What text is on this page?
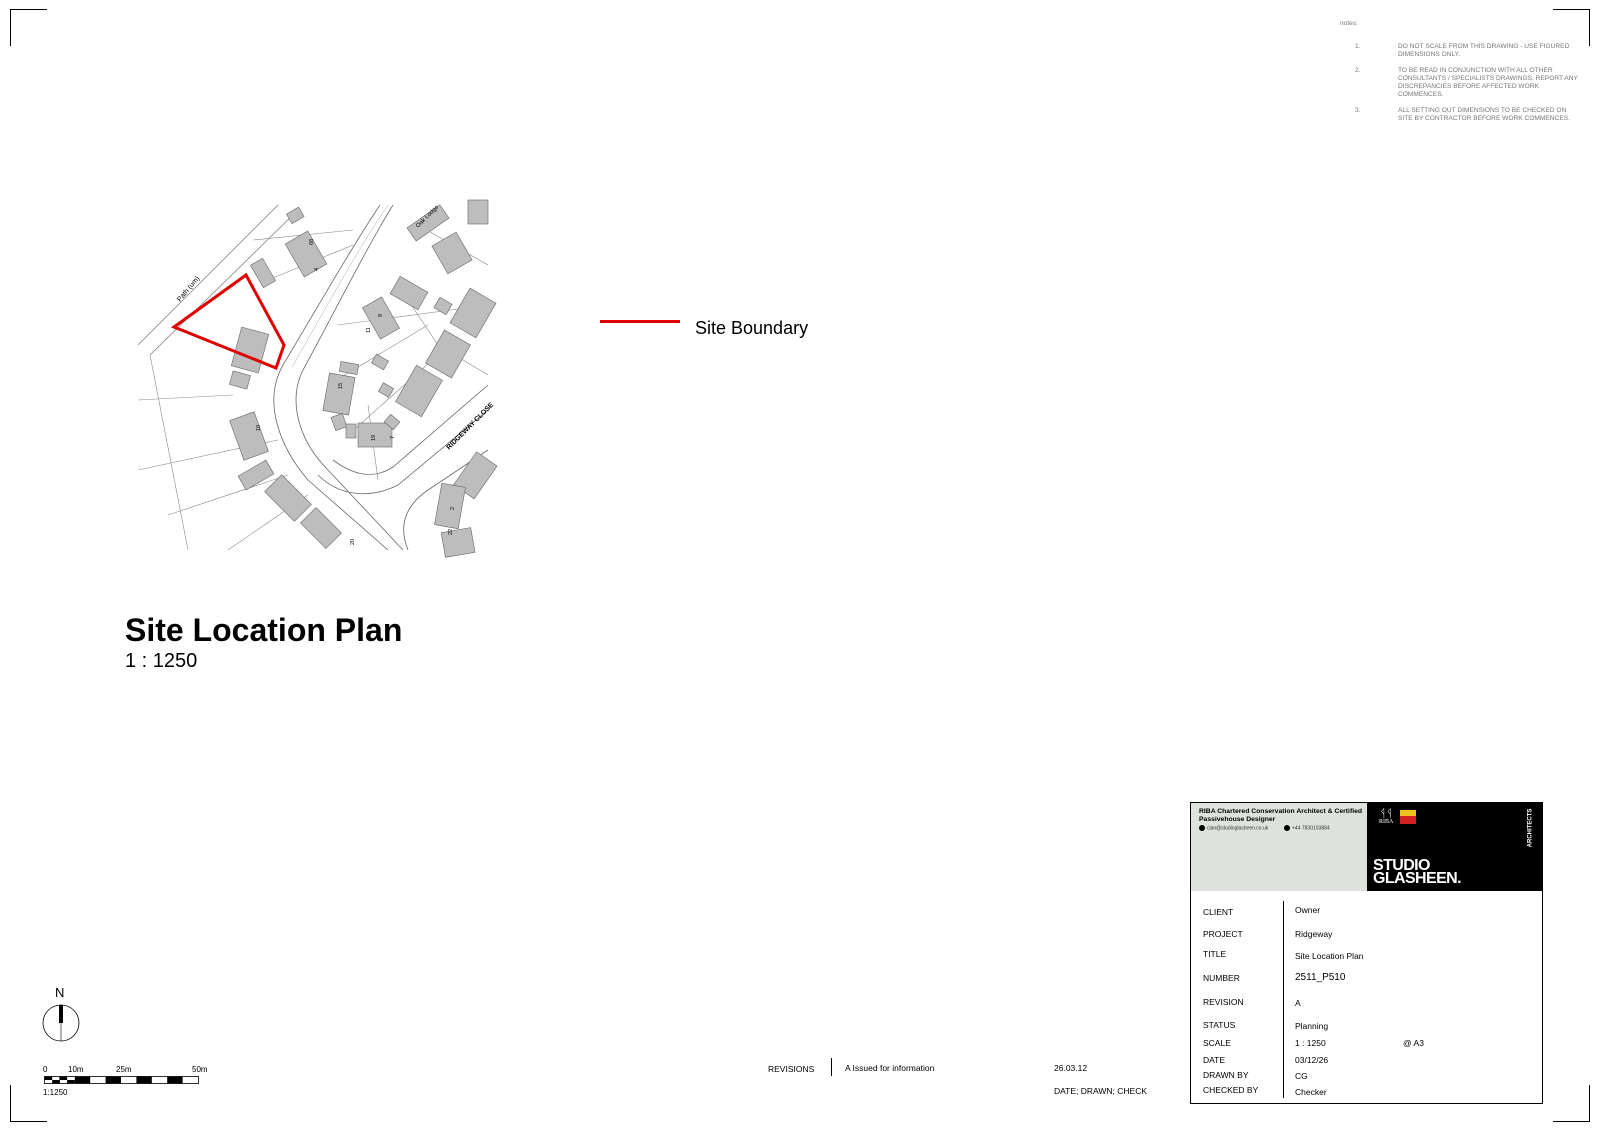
notes:
1.	DO NOT SCALE FROM THIS DRAWING - USE FIGURED DIMENSIONS ONLY.
2.	TO BE READ IN CONJUNCTION WITH ALL OTHER CONSULTANTS / SPECIALISTS DRAWINGS. REPORT ANY DISCREPANCIES BEFORE AFFECTED WORK COMMENCES.
3.	ALL SETTING OUT DIMENSIONS TO BE CHECKED ON SITE BY CONTRACTOR BEFORE WORK COMMENCES.
Path (um)
Oak Lodge
RIDGEWAY CLOSE
68
4
9
11
15
19 7
10
2
22
20
Site Boundary
Site Location Plan
1 : 1250
N
0	10m	25m	50m
1:1250
REVISIONS	A Issued for information	26.03.12
DATE; DRAWN; CHECK
RIBA Chartered Conservation Architect & Certified Passivehouse Designer
cian@studioglasheen.co.uk	+44 7830103884
ᛩᛩ
RIBA
STUDIO
GLASHEEN.
ARCHITECTS
CLIENT	Owner
PROJECT	Ridgeway
TITLE	Site Location Plan
NUMBER	2511_P510
REVISION	A
STATUS	Planning
SCALE	1 : 1250	@ A3
DATE	03/12/26
DRAWN BY	CG
CHECKED BY	Checker
